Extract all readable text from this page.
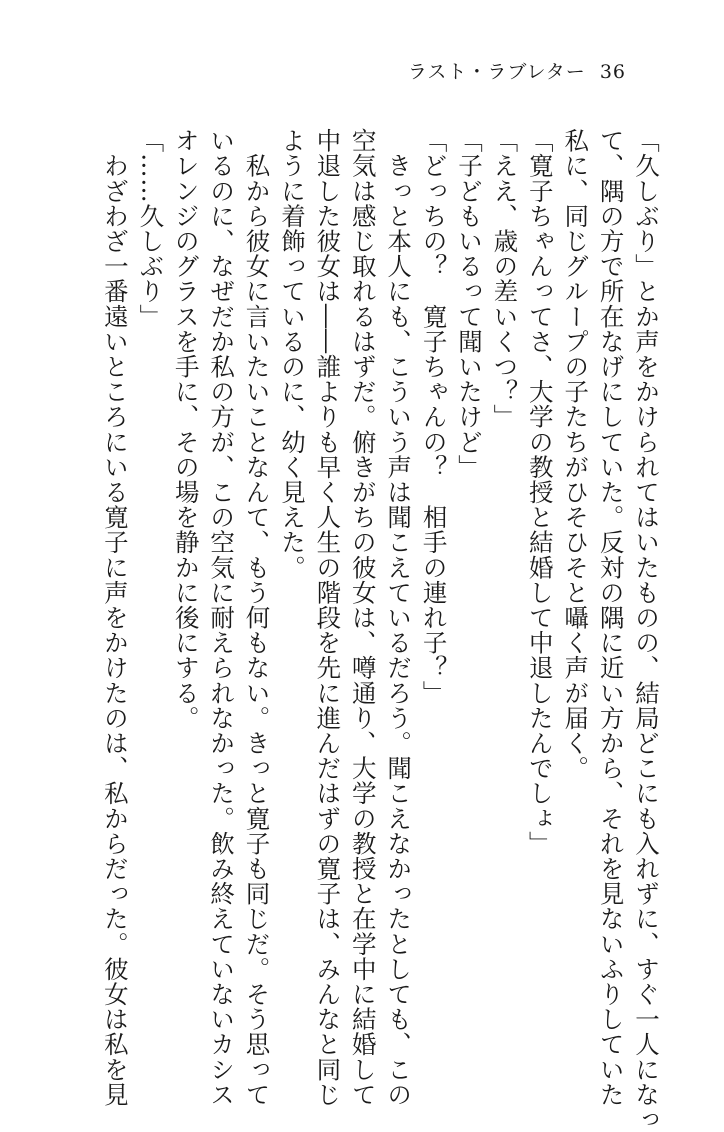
ラスト・ラブレター 36
「久しぶり」とか声をかけられてはいたものの、結局どこにも入れずに、すぐ一人になっ
て、隅の方で所在なげにしていた。反対の隅に近い方から、それを見ないふりしていた
私に、同じグループの子たちがひそひそと囁く声が届く。
「寛子ちゃんってさ、大学の教授と結婚して中退したんでしょ」
「ええ、歳の差いくつ？」
「子どもいるって聞いたけど」
「どっちの？　寛子ちゃんの？　相手の連れ子？」
　きっと本人にも、こういう声は聞こえているだろう。聞こえなかったとしても、この
空気は感じ取れるはずだ。俯きがちの彼女は、噂通り、大学の教授と在学中に結婚して
中退した彼女は――誰よりも早く人生の階段を先に進んだはずの寛子は、みんなと同じ
ように着飾っているのに、幼く見えた。
　私から彼女に言いたいことなんて、もう何もない。きっと寛子も同じだ。そう思って
いるのに、なぜだか私の方が、この空気に耐えられなかった。飲み終えていないカシス
オレンジのグラスを手に、その場を静かに後にする。
「……久しぶり」
　わざわざ一番遠いところにいる寛子に声をかけたのは、私からだった。彼女は私を見
